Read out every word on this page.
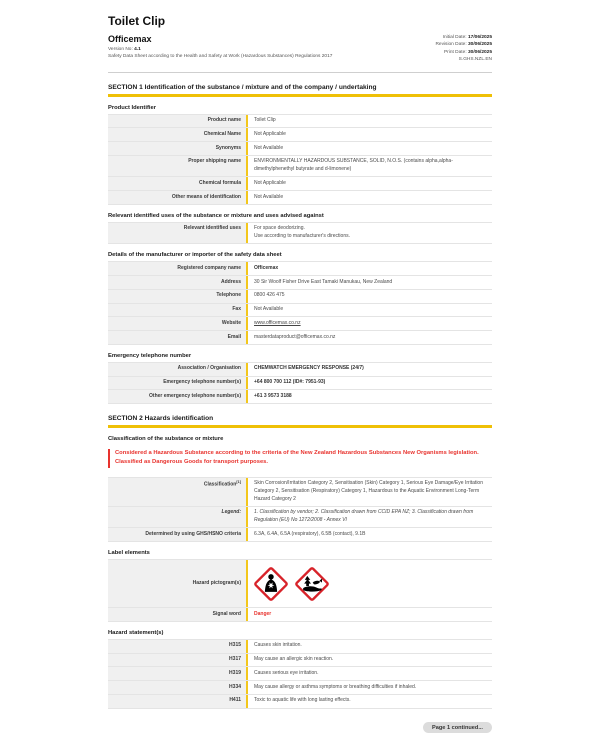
Toilet Clip
Officemax
Version No: 4.1
Safety Data Sheet according to the Health and Safety at Work (Hazardous Substances) Regulations 2017
Initial Date: 17/06/2025
Revision Date: 30/06/2025
Print Date: 30/06/2025
S.GHS.NZL.EN
SECTION 1 Identification of the substance / mixture and of the company / undertaking
Product Identifier
Product name	Toilet Clip
Chemical Name	Not Applicable
Synonyms	Not Available
Proper shipping name	ENVIRONMENTALLY HAZARDOUS SUBSTANCE, SOLID, N.O.S. (contains alpha,alpha-dimethylphenethyl butyrate and d-limonene)
Chemical formula	Not Applicable
Other means of identification	Not Available
Relevant identified uses of the substance or mixture and uses advised against
Relevant identified uses	For space deodorizing.
Use according to manufacturer's directions.
Details of the manufacturer or importer of the safety data sheet
Registered company name	Officemax
Address	30 Sir Woolf Fisher Drive East Tamaki Manukau, New Zealand
Telephone	0800 426 475
Fax	Not Available
Website	www.officemax.co.nz
Email	masterdataproduct@officemax.co.nz
Emergency telephone number
Association / Organisation	CHEMWATCH EMERGENCY RESPONSE (24/7)
Emergency telephone number(s)	+64 800 700 112 (ID#: 7951-93)
Other emergency telephone number(s)	+61 3 9573 3188
SECTION 2 Hazards identification
Classification of the substance or mixture
Considered a Hazardous Substance according to the criteria of the New Zealand Hazardous Substances New Organisms legislation.
Classified as Dangerous Goods for transport purposes.
Classification[1]	Skin Corrosion/Irritation Category 2, Sensitisation (Skin) Category 1, Serious Eye Damage/Eye Irritation Category 2, Sensitisation (Respiratory) Category 1, Hazardous to the Aquatic Environment Long-Term Hazard Category 2
Legend:	1. Classification by vendor; 2. Classification drawn from CCID EPA NZ; 3. Classification drawn from Regulation (EU) No 1272/2008 - Annex VI
Determined by using GHS/HSNO criteria	6.3A, 6.4A, 6.5A (respiratory), 6.5B (contact), 9.1B
Label elements
Hazard pictogram(s)
Signal word	Danger
Hazard statement(s)
H315	Causes skin irritation.
H317	May cause an allergic skin reaction.
H319	Causes serious eye irritation.
H334	May cause allergy or asthma symptoms or breathing difficulties if inhaled.
H411	Toxic to aquatic life with long lasting effects.
Page 1 continued...
